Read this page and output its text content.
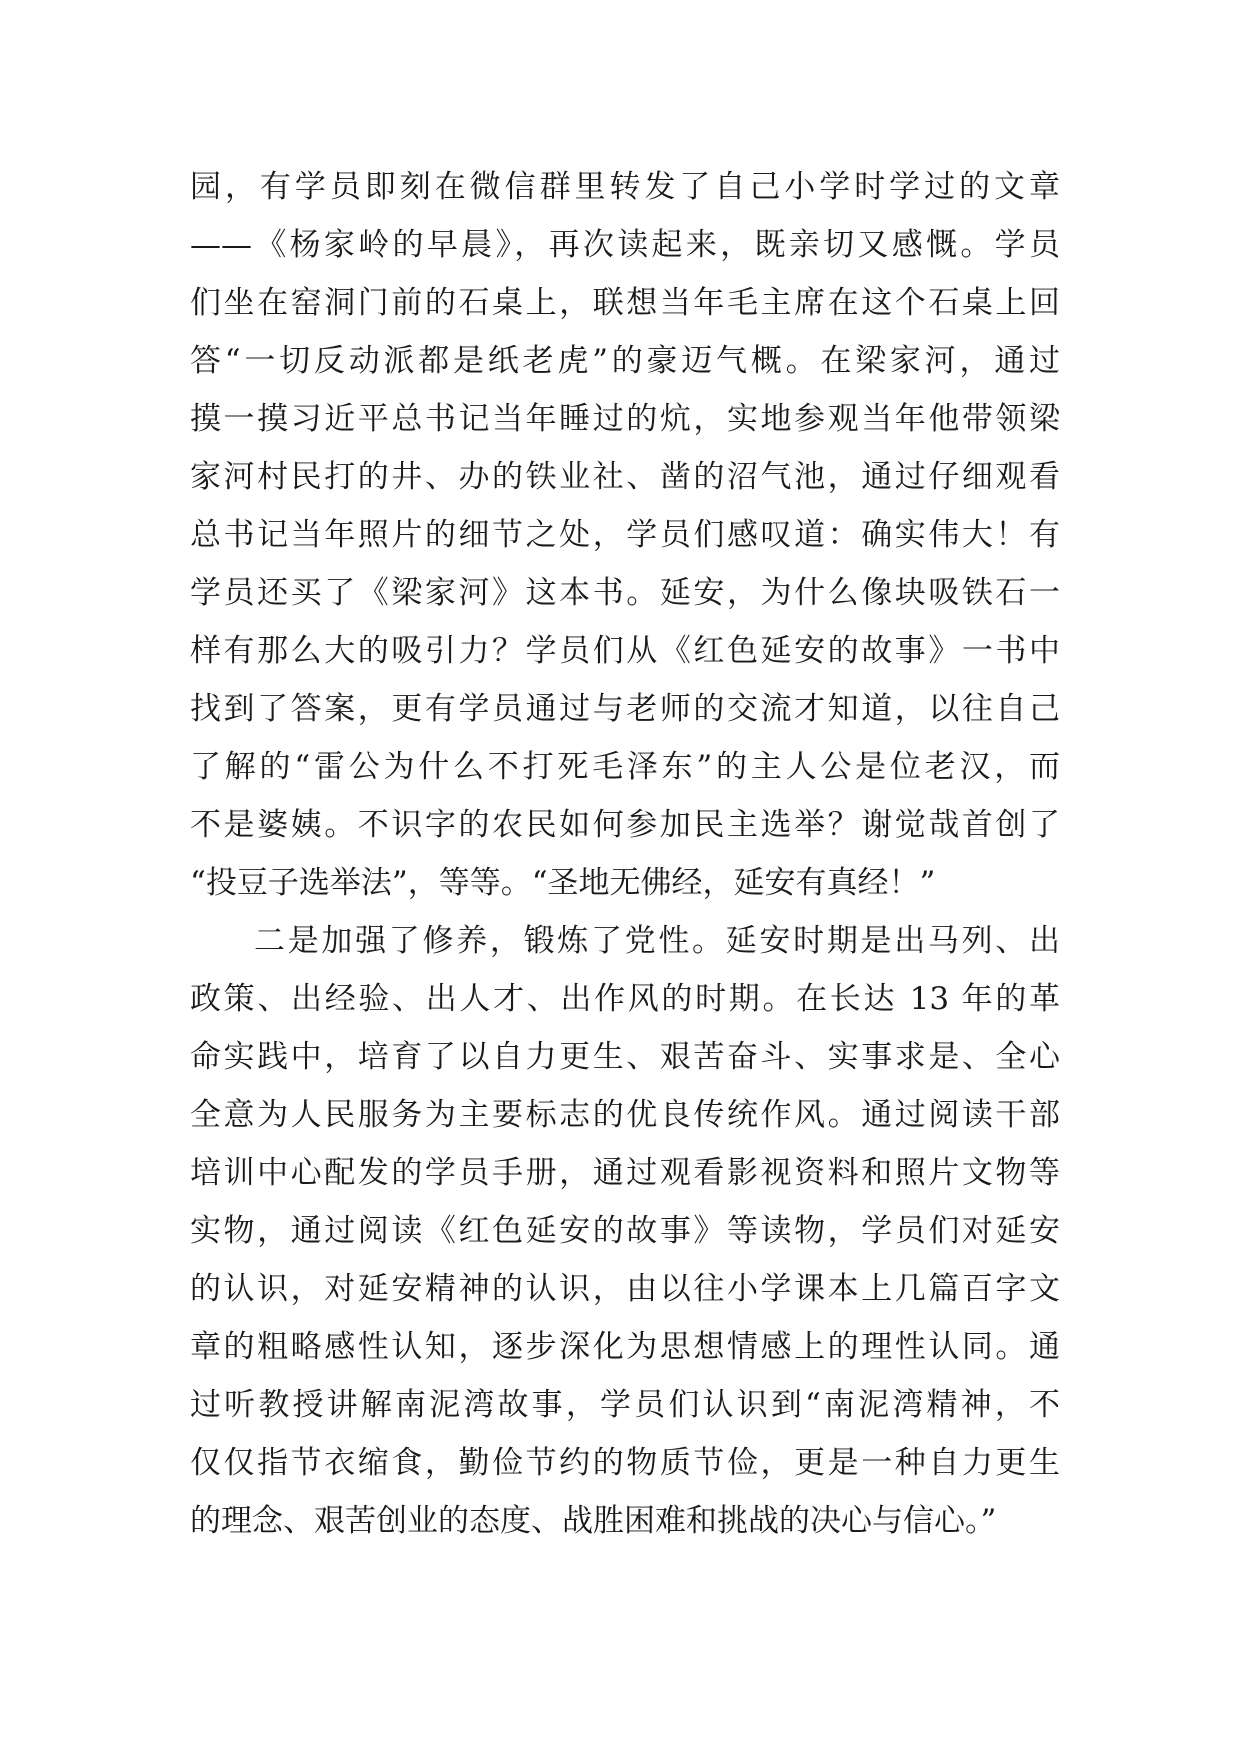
园，有学员即刻在微信群里转发了自己小学时学过的文章
——《杨家岭的早晨》，再次读起来，既亲切又感慨。学员
们坐在窑洞门前的石桌上，联想当年毛主席在这个石桌上回
答“一切反动派都是纸老虎”的豪迈气概。在梁家河，通过
摸一摸习近平总书记当年睡过的炕，实地参观当年他带领梁
家河村民打的井、办的铁业社、凿的沼气池，通过仔细观看
总书记当年照片的细节之处，学员们感叹道：确实伟大！有
学员还买了《梁家河》这本书。延安，为什么像块吸铁石一
样有那么大的吸引力？学员们从《红色延安的故事》一书中
找到了答案，更有学员通过与老师的交流才知道，以往自己
了解的“雷公为什么不打死毛泽东”的主人公是位老汉，而
不是婆姨。不识字的农民如何参加民主选举？谢觉哉首创了
“投豆子选举法”，等等。“圣地无佛经，延安有真经！”
二是加强了修养，锻炼了党性。延安时期是出马列、出
政策、出经验、出人才、出作风的时期。在长达 13 年的革
命实践中，培育了以自力更生、艰苦奋斗、实事求是、全心
全意为人民服务为主要标志的优良传统作风。通过阅读干部
培训中心配发的学员手册，通过观看影视资料和照片文物等
实物，通过阅读《红色延安的故事》等读物，学员们对延安
的认识，对延安精神的认识，由以往小学课本上几篇百字文
章的粗略感性认知，逐步深化为思想情感上的理性认同。通
过听教授讲解南泥湾故事，学员们认识到“南泥湾精神，不
仅仅指节衣缩食，勤俭节约的物质节俭，更是一种自力更生
的理念、艰苦创业的态度、战胜困难和挑战的决心与信心。”
